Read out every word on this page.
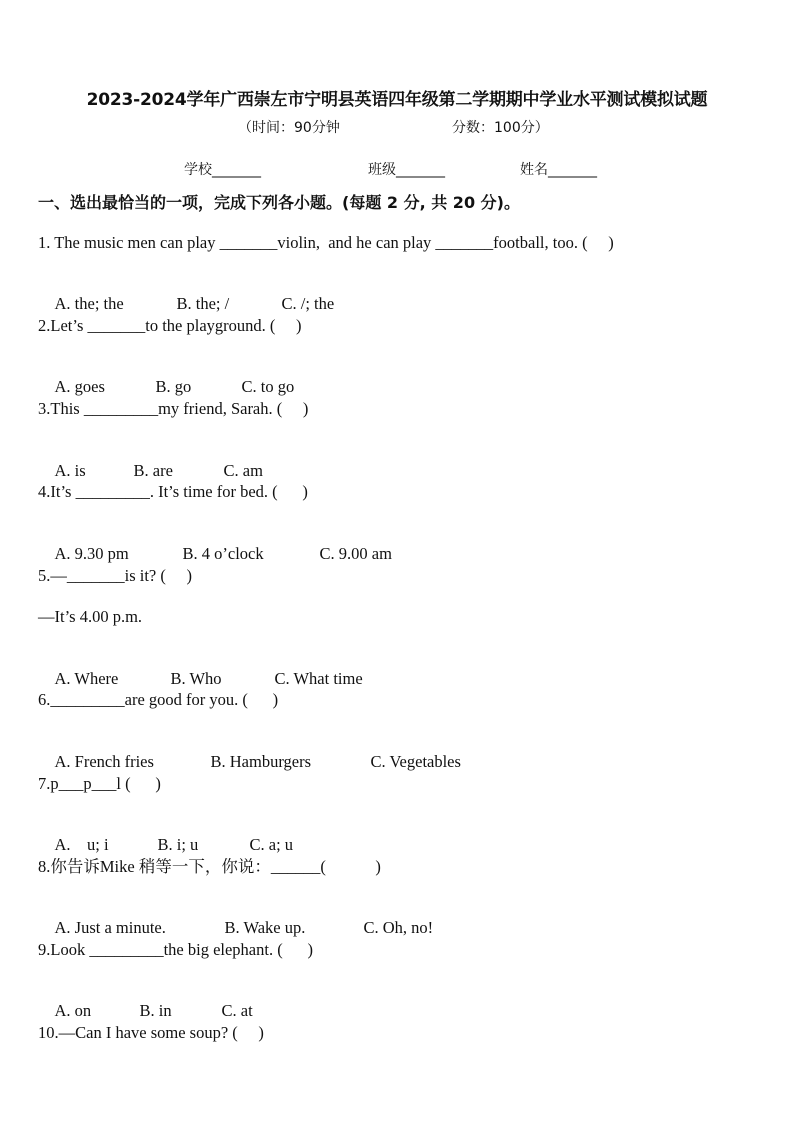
2023-2024学年广西崇左市宁明县英语四年级第二学期期中学业水平测试模拟试题
（时间：90分钟	分数：100分）
学校_______	班级_______	姓名_______
一、选出最恰当的一项，完成下列各小题。(每题 2 分, 共 20 分)。
1. The music men can play _______violin,  and he can play _______football, too. (     )

A. the; the	B. the; /	C. /; the

2.Let’s _______to the playground. (     )

A. goes	B. go	C. to go

3.This _________my friend, Sarah. (     )

A. is	B. are	C. am

4.It’s _________. It’s time for bed. (      )

A. 9.30 pm	B. 4 o’clock	C. 9.00 am

5.—_______is it? (     )
—It’s 4.00 p.m.

A. Where	B. Who	C. What time

6._________are good for you. (      )

A. French fries	B. Hamburgers	C. Vegetables

7.p___p___l (      )

A.    u; i	B. i; u	C. a; u

8.你告诉Mike 稍等一下，你说：______(            )

A. Just a minute.	B. Wake up.	C. Oh, no!

9.Look _________the big elephant. (      )

A. on	B. in	C. at

10.—Can I have some soup? (     )
